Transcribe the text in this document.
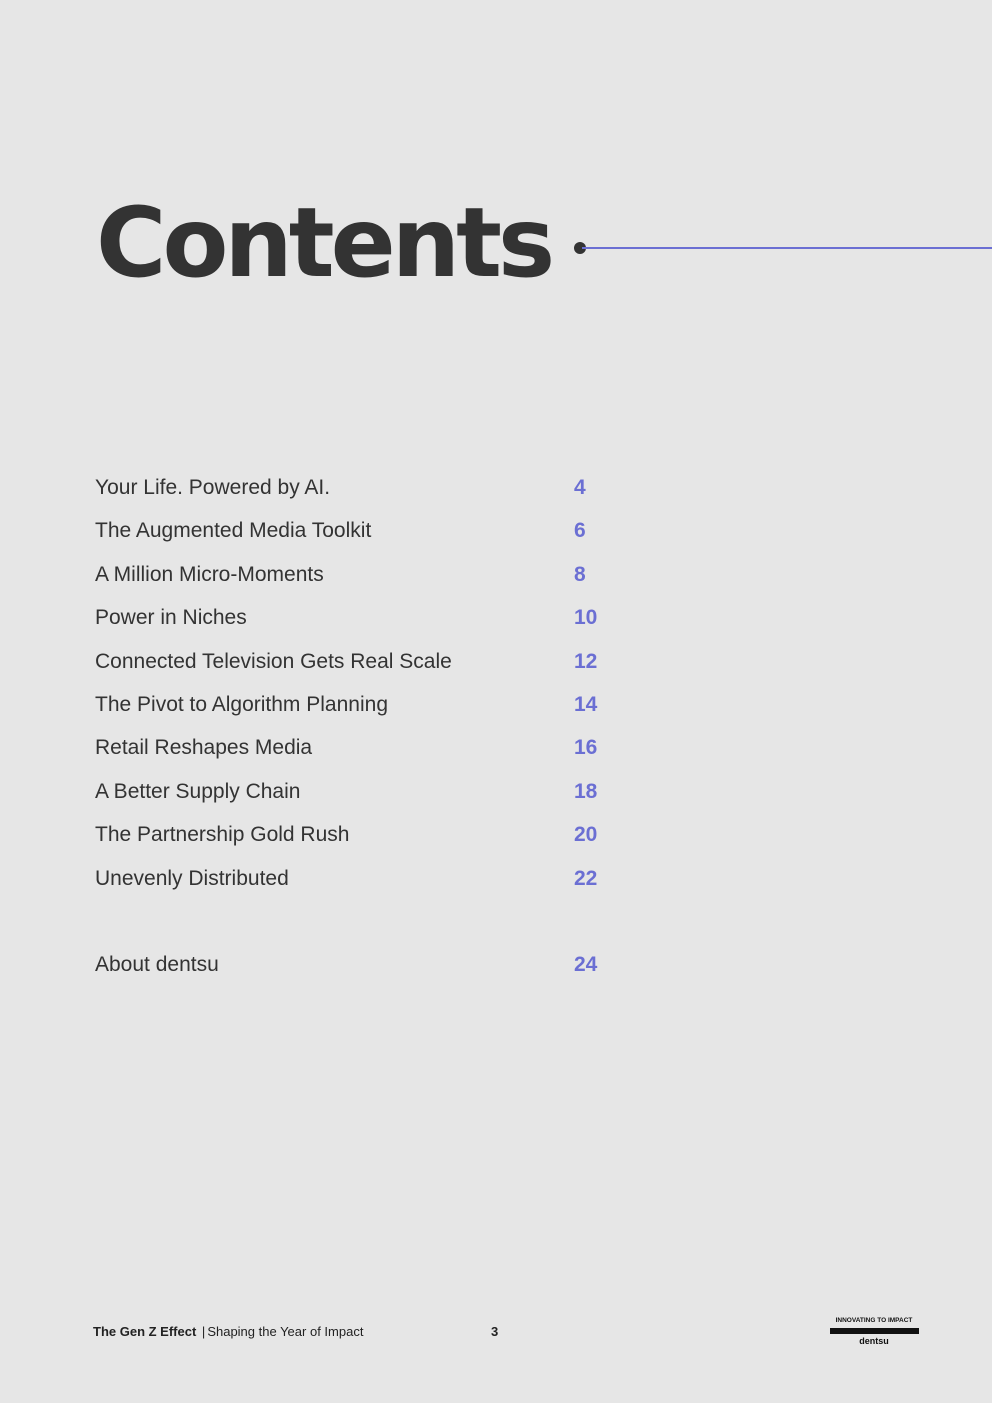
Contents
Your Life. Powered by AI.	4
The Augmented Media Toolkit	6
A Million Micro-Moments	8
Power in Niches	10
Connected Television Gets Real Scale	12
The Pivot to Algorithm Planning	14
Retail Reshapes Media	16
A Better Supply Chain	18
The Partnership Gold Rush	20
Unevenly Distributed	22
About dentsu	24
The Gen Z Effect | Shaping the Year of Impact	3
INNOVATING TO IMPACT
dentsu
